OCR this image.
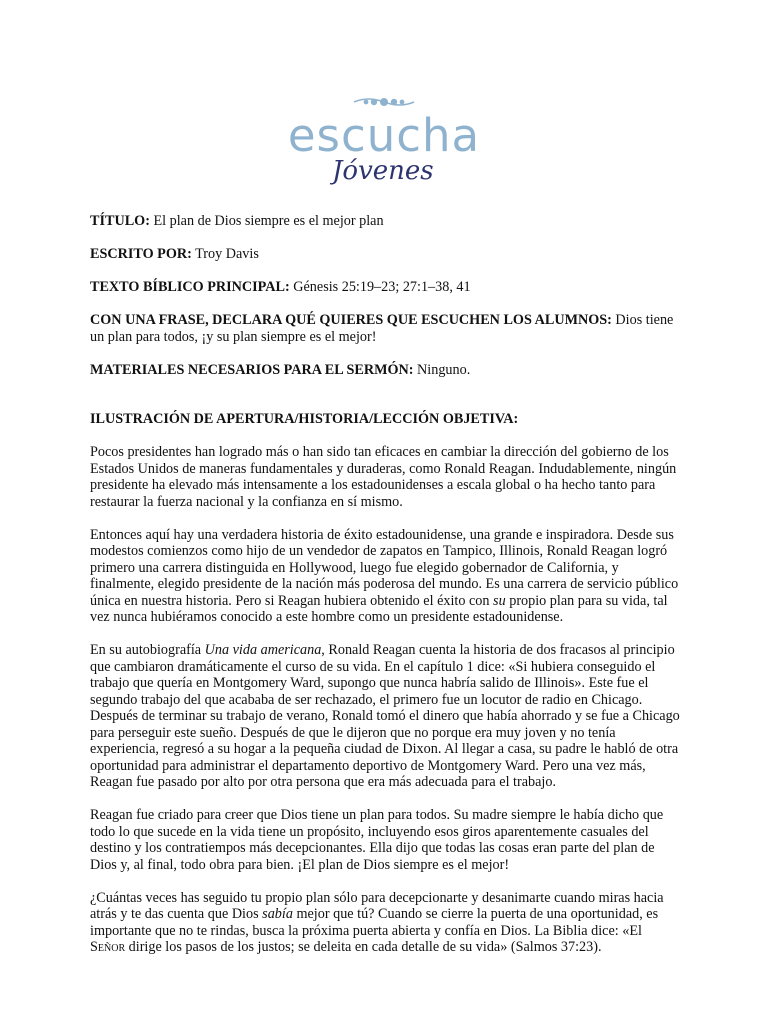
escucha
Jóvenes

TÍTULO: El plan de Dios siempre es el mejor plan

ESCRITO POR: Troy Davis

TEXTO BÍBLICO PRINCIPAL: Génesis 25:19–23; 27:1–38, 41

CON UNA FRASE, DECLARA QUÉ QUIERES QUE ESCUCHEN LOS ALUMNOS: Dios tiene un plan para todos, ¡y su plan siempre es el mejor!

MATERIALES NECESARIOS PARA EL SERMÓN: Ninguno.

ILUSTRACIÓN DE APERTURA/HISTORIA/LECCIÓN OBJETIVA:

Pocos presidentes han logrado más o han sido tan eficaces en cambiar la dirección del gobierno de los Estados Unidos de maneras fundamentales y duraderas, como Ronald Reagan. Indudablemente, ningún presidente ha elevado más intensamente a los estadounidenses a escala global o ha hecho tanto para restaurar la fuerza nacional y la confianza en sí mismo.

Entonces aquí hay una verdadera historia de éxito estadounidense, una grande e inspiradora. Desde sus modestos comienzos como hijo de un vendedor de zapatos en Tampico, Illinois, Ronald Reagan logró primero una carrera distinguida en Hollywood, luego fue elegido gobernador de California, y finalmente, elegido presidente de la nación más poderosa del mundo. Es una carrera de servicio público única en nuestra historia. Pero si Reagan hubiera obtenido el éxito con su propio plan para su vida, tal vez nunca hubiéramos conocido a este hombre como un presidente estadounidense.

En su autobiografía Una vida americana, Ronald Reagan cuenta la historia de dos fracasos al principio que cambiaron dramáticamente el curso de su vida. En el capítulo 1 dice: «Si hubiera conseguido el trabajo que quería en Montgomery Ward, supongo que nunca habría salido de Illinois». Este fue el segundo trabajo del que acababa de ser rechazado, el primero fue un locutor de radio en Chicago. Después de terminar su trabajo de verano, Ronald tomó el dinero que había ahorrado y se fue a Chicago para perseguir este sueño. Después de que le dijeron que no porque era muy joven y no tenía experiencia, regresó a su hogar a la pequeña ciudad de Dixon. Al llegar a casa, su padre le habló de otra oportunidad para administrar el departamento deportivo de Montgomery Ward. Pero una vez más, Reagan fue pasado por alto por otra persona que era más adecuada para el trabajo.

Reagan fue criado para creer que Dios tiene un plan para todos. Su madre siempre le había dicho que todo lo que sucede en la vida tiene un propósito, incluyendo esos giros aparentemente casuales del destino y los contratiempos más decepcionantes. Ella dijo que todas las cosas eran parte del plan de Dios y, al final, todo obra para bien. ¡El plan de Dios siempre es el mejor!

¿Cuántas veces has seguido tu propio plan sólo para decepcionarte y desanimarte cuando miras hacia atrás y te das cuenta que Dios sabía mejor que tú? Cuando se cierre la puerta de una oportunidad, es importante que no te rindas, busca la próxima puerta abierta y confía en Dios. La Biblia dice: «El Señor dirige los pasos de los justos; se deleita en cada detalle de su vida» (Salmos 37:23).
